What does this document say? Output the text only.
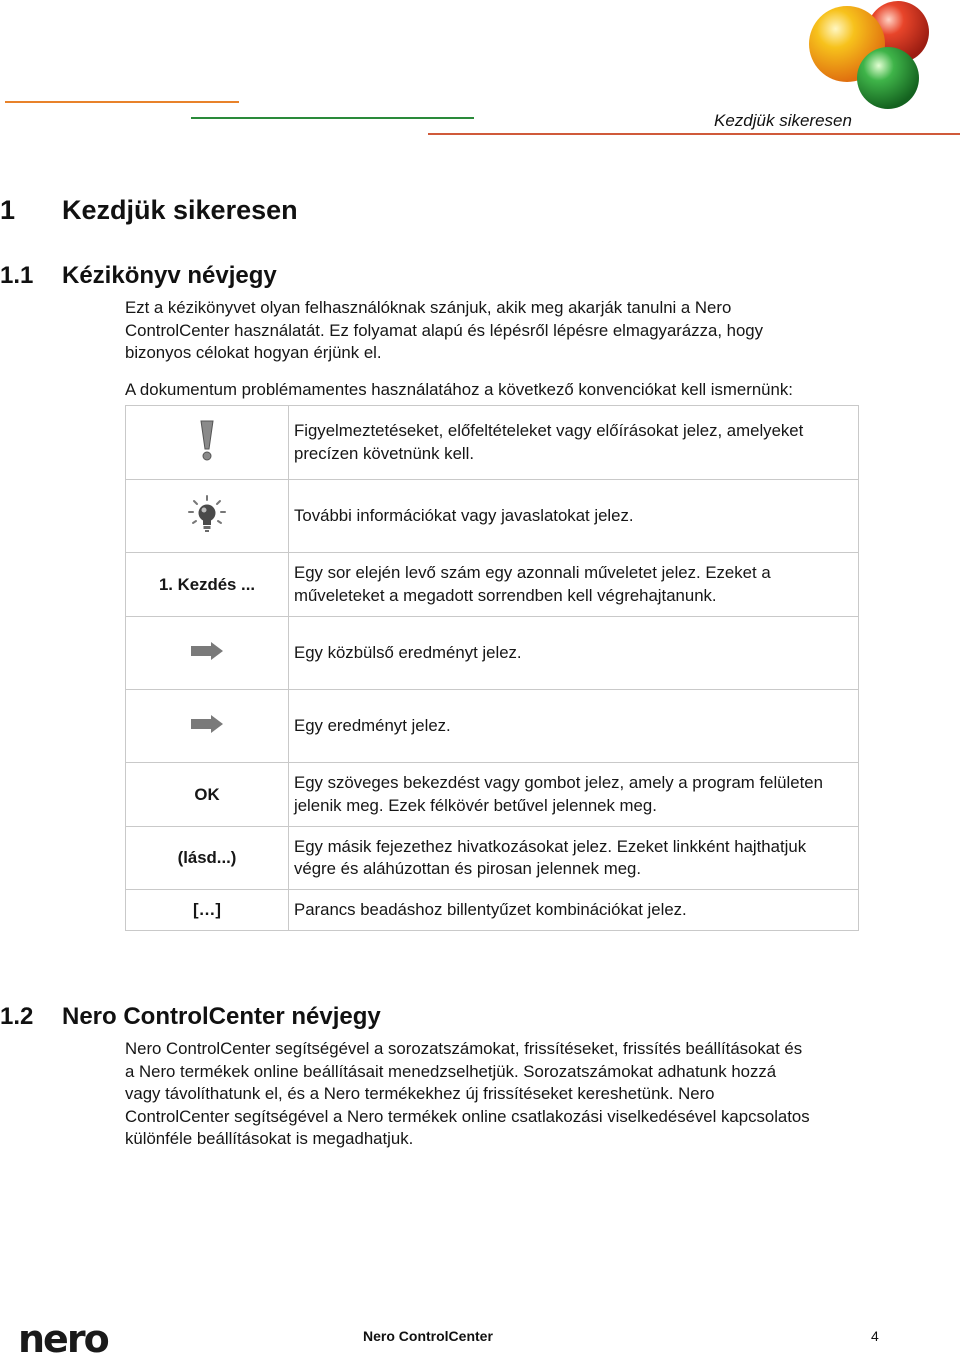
Kezdjük sikeresen
1 Kezdjük sikeresen
1.1 Kézikönyv névjegy
Ezt a kézikönyvet olyan felhasználóknak szánjuk, akik meg akarják tanulni a Nero
ControlCenter használatát. Ez folyamat alapú és lépésről lépésre elmagyarázza, hogy
bizonyos célokat hogyan érjünk el.
A dokumentum problémamentes használatához a következő konvenciókat kell ismernünk:

Figyelmeztetéseket, előfeltételeket vagy előírásokat jelez, amelyeket
precízen követnünk kell.

További információkat vagy javaslatokat jelez.

1. Kezdés ...	Egy sor elején levő szám egy azonnali műveletet jelez. Ezeket a
műveleteket a megadott sorrendben kell végrehajtanunk.

Egy közbülső eredményt jelez.

Egy eredményt jelez.

OK	Egy szöveges bekezdést vagy gombot jelez, amely a program felületen
jelenik meg. Ezek félkövér betűvel jelennek meg.

(lásd...)	Egy másik fejezethez hivatkozásokat jelez. Ezeket linkként hajthatjuk
végre és aláhúzottan és pirosan jelennek meg.

[…]	Parancs beadáshoz billentyűzet kombinációkat jelez.
1.2 Nero ControlCenter névjegy
Nero ControlCenter segítségével a sorozatszámokat, frissítéseket, frissítés beállításokat és
a Nero termékek online beállításait menedzselhetjük. Sorozatszámokat adhatunk hozzá
vagy távolíthatunk el, és a Nero termékekhez új frissítéseket kereshetünk. Nero
ControlCenter segítségével a Nero termékek online csatlakozási viselkedésével kapcsolatos
különféle beállításokat is megadhatjuk.
nero	Nero ControlCenter	4
